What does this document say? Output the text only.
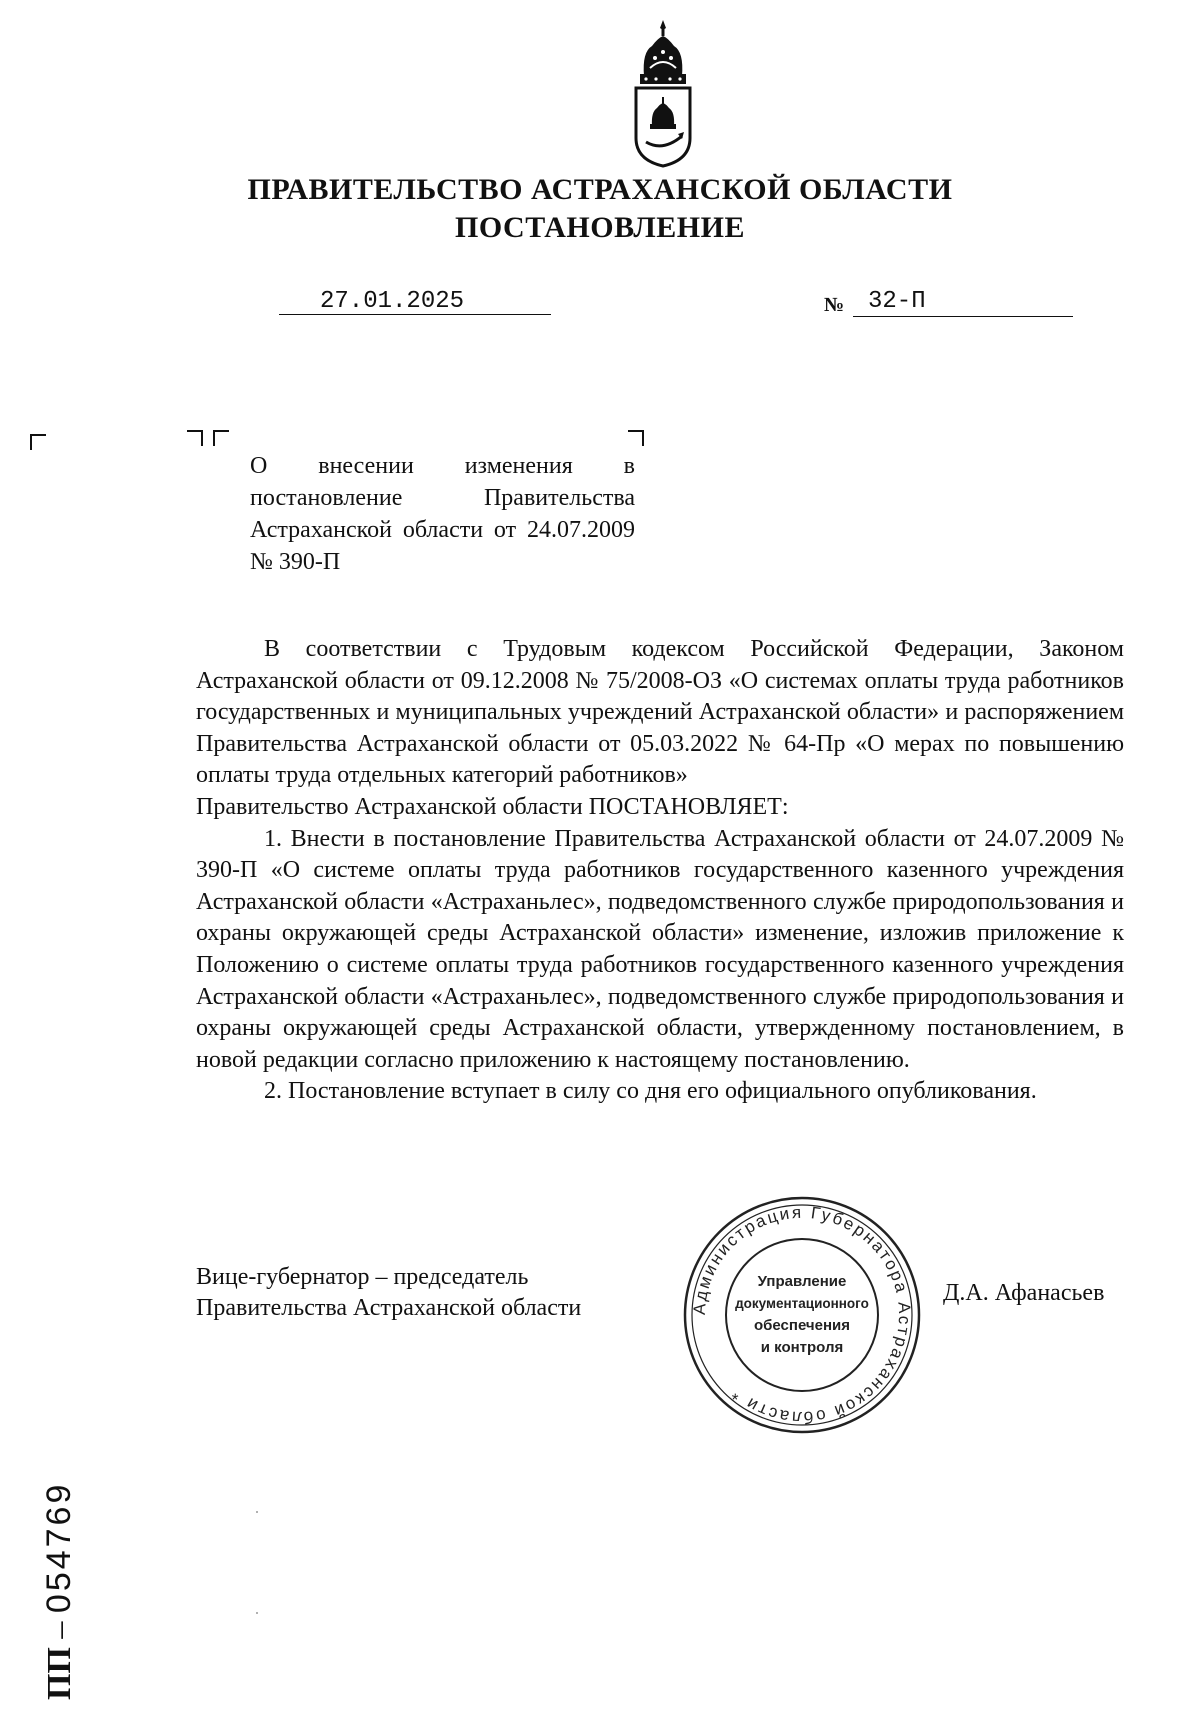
ПРАВИТЕЛЬСТВО АСТРАХАНСКОЙ ОБЛАСТИ
ПОСТАНОВЛЕНИЕ
27.01.2025	№ 32-П
О внесении изменения в постановление Правительства Астраханской области от 24.07.2009 № 390-П

В соответствии с Трудовым кодексом Российской Федерации, Законом Астраханской области от 09.12.2008 № 75/2008-ОЗ «О системах оплаты труда работников государственных и муниципальных учреждений Астраханской области» и распоряжением Правительства Астраханской области от 05.03.2022 № 64-Пр «О мерах по повышению оплаты труда отдельных категорий работников»

Правительство Астраханской области ПОСТАНОВЛЯЕТ:

1. Внести в постановление Правительства Астраханской области от 24.07.2009 № 390-П «О системе оплаты труда работников государственного казенного учреждения Астраханской области «Астраханьлес», подведомственного службе природопользования и охраны окружающей среды Астраханской области» изменение, изложив приложение к Положению о системе оплаты труда работников государственного казенного учреждения Астраханской области «Астраханьлес», подведомственного службе природопользования и охраны окружающей среды Астраханской области, утвержденному постановлением, в новой редакции согласно приложению к настоящему постановлению.

2. Постановление вступает в силу со дня его официального опубликования.

Вице-губернатор – председатель
Правительства Астраханской области
Д.А. Афанасьев
Администрация Губернатора Астраханской области *
Управление
документационного
обеспечения
и контроля
ПП – 054769
